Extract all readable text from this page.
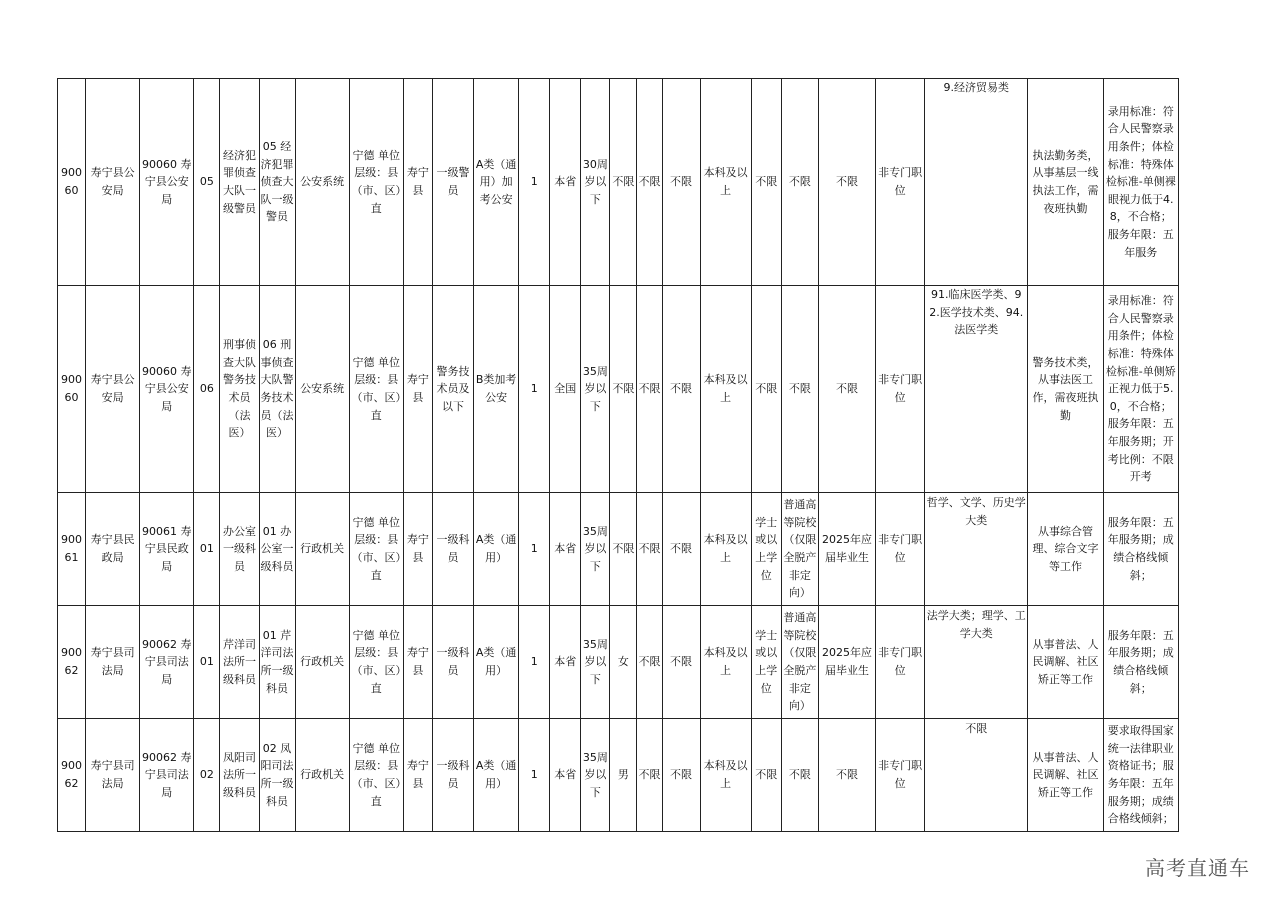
90060	寿宁县公安局	90060 寿宁县公安局	05	经济犯罪侦查大队一级警员	05 经济犯罪侦查大队一级警员	公安系统	宁德 单位层级：县（市、区）直	寿宁县	一级警员	A类（通用）加考公安	1	本省	30周岁以下	不限	不限	不限	本科及以上	不限	不限	不限	非专门职位	9.经济贸易类	执法勤务类，从事基层一线执法工作，需夜班执勤	录用标准：符合人民警察录用条件；体检标准：特殊体检标准-单侧裸眼视力低于4.8，不合格；服务年限：五年服务
90060	寿宁县公安局	90060 寿宁县公安局	06	刑事侦查大队警务技术员（法医）	06 刑事侦查大队警务技术员（法医）	公安系统	宁德 单位层级：县（市、区）直	寿宁县	警务技术员及以下	B类加考公安	1	全国	35周岁以下	不限	不限	不限	本科及以上	不限	不限	不限	非专门职位	91.临床医学类、92.医学技术类、94.法医学类	警务技术类，从事法医工作，需夜班执勤	录用标准：符合人民警察录用条件；体检标准：特殊体检标准-单侧矫正视力低于5.0，不合格；服务年限：五年服务期；开考比例：不限开考
90061	寿宁县民政局	90061 寿宁县民政局	01	办公室一级科员	01 办公室一级科员	行政机关	宁德 单位层级：县（市、区）直	寿宁县	一级科员	A类（通用）	1	本省	35周岁以下	不限	不限	不限	本科及以上	学士或以上学位	普通高等院校（仅限全脱产非定向）	2025年应届毕业生	非专门职位	哲学、文学、历史学大类	从事综合管理、综合文字等工作	服务年限：五年服务期；成绩合格线倾斜；
90062	寿宁县司法局	90062 寿宁县司法局	01	芹洋司法所一级科员	01 芹洋司法所一级科员	行政机关	宁德 单位层级：县（市、区）直	寿宁县	一级科员	A类（通用）	1	本省	35周岁以下	女	不限	不限	本科及以上	学士或以上学位	普通高等院校（仅限全脱产非定向）	2025年应届毕业生	非专门职位	法学大类；理学、工学大类	从事普法、人民调解、社区矫正等工作	服务年限：五年服务期；成绩合格线倾斜；
90062	寿宁县司法局	90062 寿宁县司法局	02	凤阳司法所一级科员	02 凤阳司法所一级科员	行政机关	宁德 单位层级：县（市、区）直	寿宁县	一级科员	A类（通用）	1	本省	35周岁以下	男	不限	不限	本科及以上	不限	不限	不限	非专门职位	不限	从事普法、人民调解、社区矫正等工作	要求取得国家统一法律职业资格证书；服务年限：五年服务期；成绩合格线倾斜；
高考直通车
